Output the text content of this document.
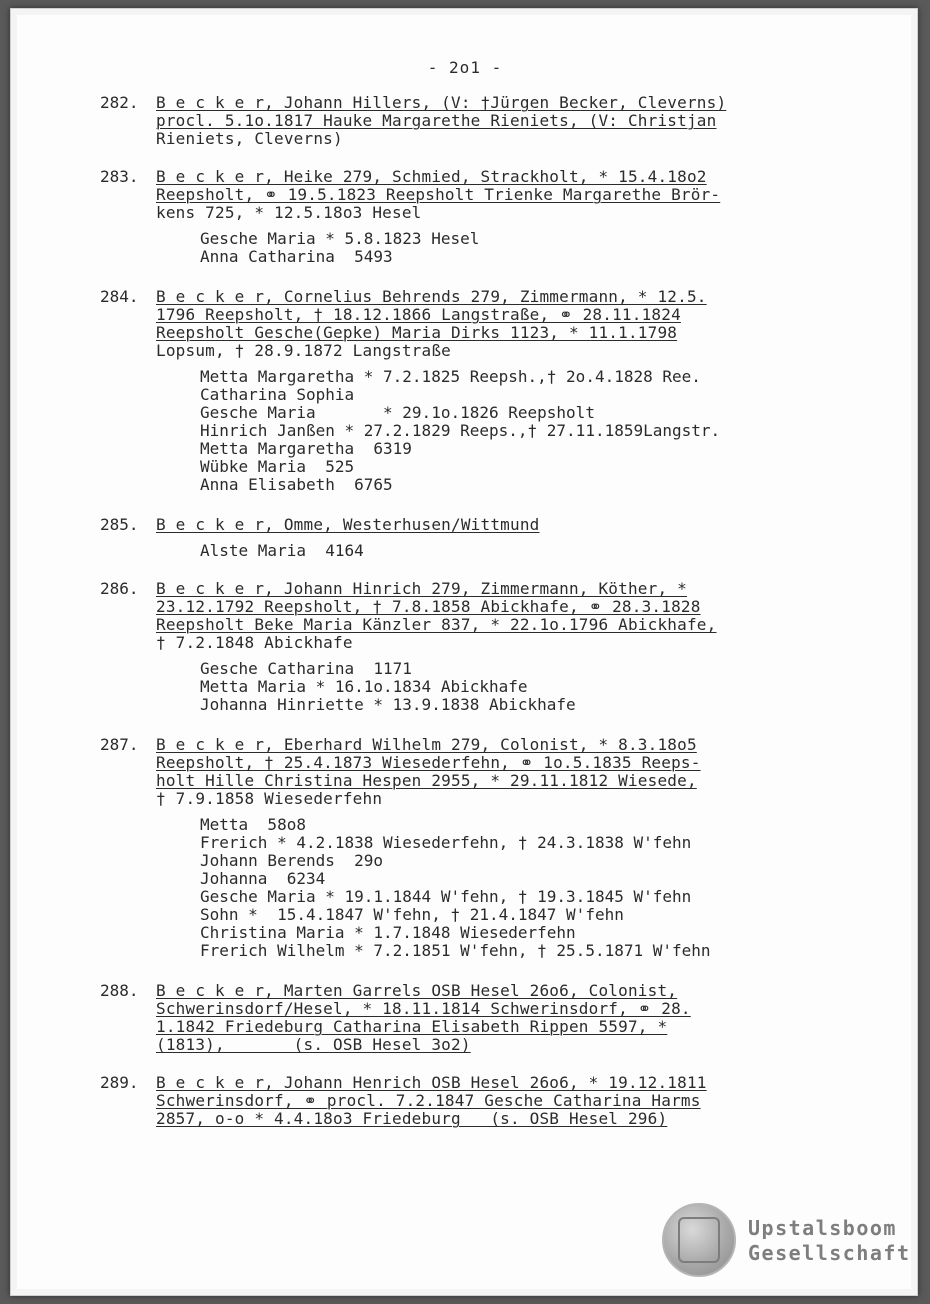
- 2o1 -
282.	B e c k e r, Johann Hillers, (V: †Jürgen Becker, Cleverns)
procl. 5.1o.1817 Hauke Margarethe Rieniets, (V: Christjan
Rieniets, Cleverns)
283.	B e c k e r, Heike 279, Schmied, Strackholt, * 15.4.18o2
Reepsholt, ⚭ 19.5.1823 Reepsholt Trienke Margarethe Brör-
kens 725, * 12.5.18o3 Hesel
Gesche Maria * 5.8.1823 Hesel
Anna Catharina  5493
284.	B e c k e r, Cornelius Behrends 279, Zimmermann, * 12.5.
1796 Reepsholt, † 18.12.1866 Langstraße, ⚭ 28.11.1824
Reepsholt Gesche(Gepke) Maria Dirks 1123, * 11.1.1798
Lopsum, † 28.9.1872 Langstraße
Metta Margaretha * 7.2.1825 Reepsh.,† 2o.4.1828 Ree.
Catharina Sophia
Gesche Maria       * 29.1o.1826 Reepsholt
Hinrich Janßen * 27.2.1829 Reeps.,† 27.11.1859Langstr.
Metta Margaretha  6319
Wübke Maria  525
Anna Elisabeth  6765
285.	B e c k e r, Omme, Westerhusen/Wittmund
Alste Maria  4164
286.	B e c k e r, Johann Hinrich 279, Zimmermann, Köther, *
23.12.1792 Reepsholt, † 7.8.1858 Abickhafe, ⚭ 28.3.1828
Reepsholt Beke Maria Känzler 837, * 22.1o.1796 Abickhafe,
† 7.2.1848 Abickhafe
Gesche Catharina  1171
Metta Maria * 16.1o.1834 Abickhafe
Johanna Hinriette * 13.9.1838 Abickhafe
287.	B e c k e r, Eberhard Wilhelm 279, Colonist, * 8.3.18o5
Reepsholt, † 25.4.1873 Wiesederfehn, ⚭ 1o.5.1835 Reeps-
holt Hille Christina Hespen 2955, * 29.11.1812 Wiesede,
† 7.9.1858 Wiesederfehn
Metta  58o8
Frerich * 4.2.1838 Wiesederfehn, † 24.3.1838 W'fehn
Johann Berends  29o
Johanna  6234
Gesche Maria * 19.1.1844 W'fehn, † 19.3.1845 W'fehn
Sohn *  15.4.1847 W'fehn, † 21.4.1847 W'fehn
Christina Maria * 1.7.1848 Wiesederfehn
Frerich Wilhelm * 7.2.1851 W'fehn, † 25.5.1871 W'fehn
288.	B e c k e r, Marten Garrels OSB Hesel 26o6, Colonist,
Schwerinsdorf/Hesel, * 18.11.1814 Schwerinsdorf, ⚭ 28.
1.1842 Friedeburg Catharina Elisabeth Rippen 5597, *
(1813),       (s. OSB Hesel 3o2)
289.	B e c k e r, Johann Henrich OSB Hesel 26o6, * 19.12.1811
Schwerinsdorf, ⚭ procl. 7.2.1847 Gesche Catharina Harms
2857, o-o * 4.4.18o3 Friedeburg   (s. OSB Hesel 296)
Upstalsboom
Gesellschaft
